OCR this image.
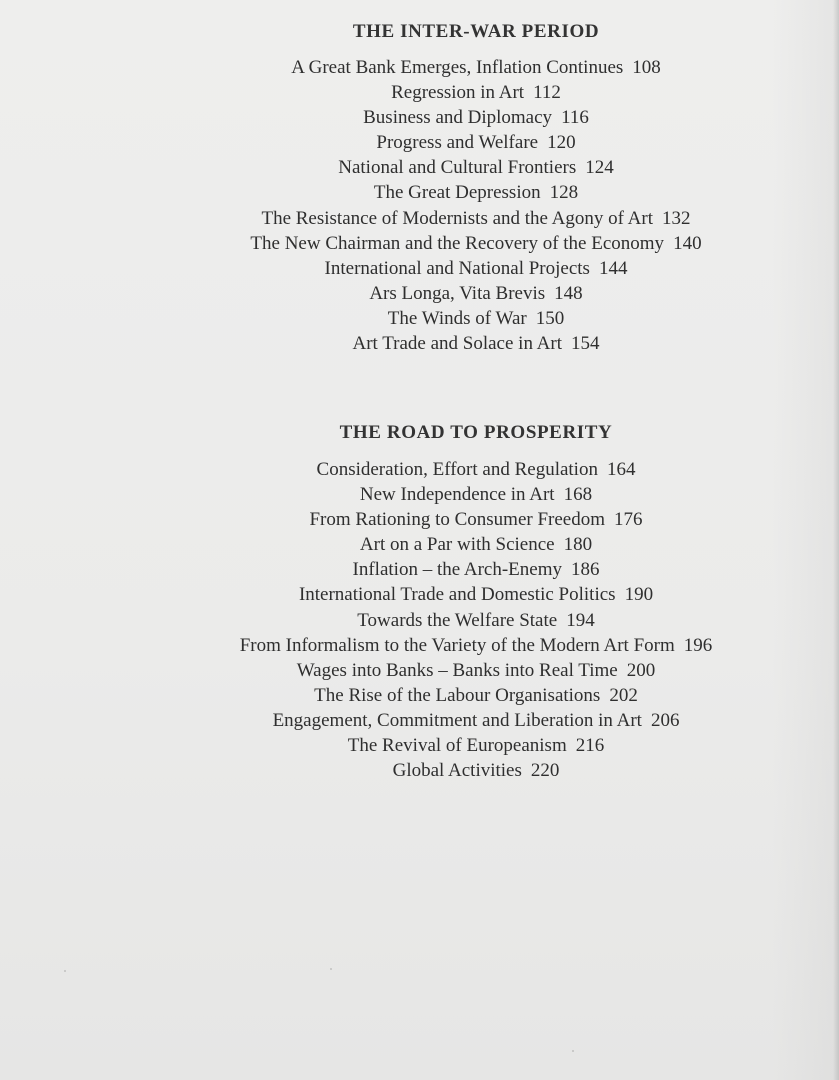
THE INTER-WAR PERIOD
A Great Bank Emerges, Inflation Continues 108
Regression in Art 112
Business and Diplomacy 116
Progress and Welfare 120
National and Cultural Frontiers 124
The Great Depression 128
The Resistance of Modernists and the Agony of Art 132
The New Chairman and the Recovery of the Economy 140
International and National Projects 144
Ars Longa, Vita Brevis 148
The Winds of War 150
Art Trade and Solace in Art 154
THE ROAD TO PROSPERITY
Consideration, Effort and Regulation 164
New Independence in Art 168
From Rationing to Consumer Freedom 176
Art on a Par with Science 180
Inflation – the Arch-Enemy 186
International Trade and Domestic Politics 190
Towards the Welfare State 194
From Informalism to the Variety of the Modern Art Form 196
Wages into Banks – Banks into Real Time 200
The Rise of the Labour Organisations 202
Engagement, Commitment and Liberation in Art 206
The Revival of Europeanism 216
Global Activities 220
